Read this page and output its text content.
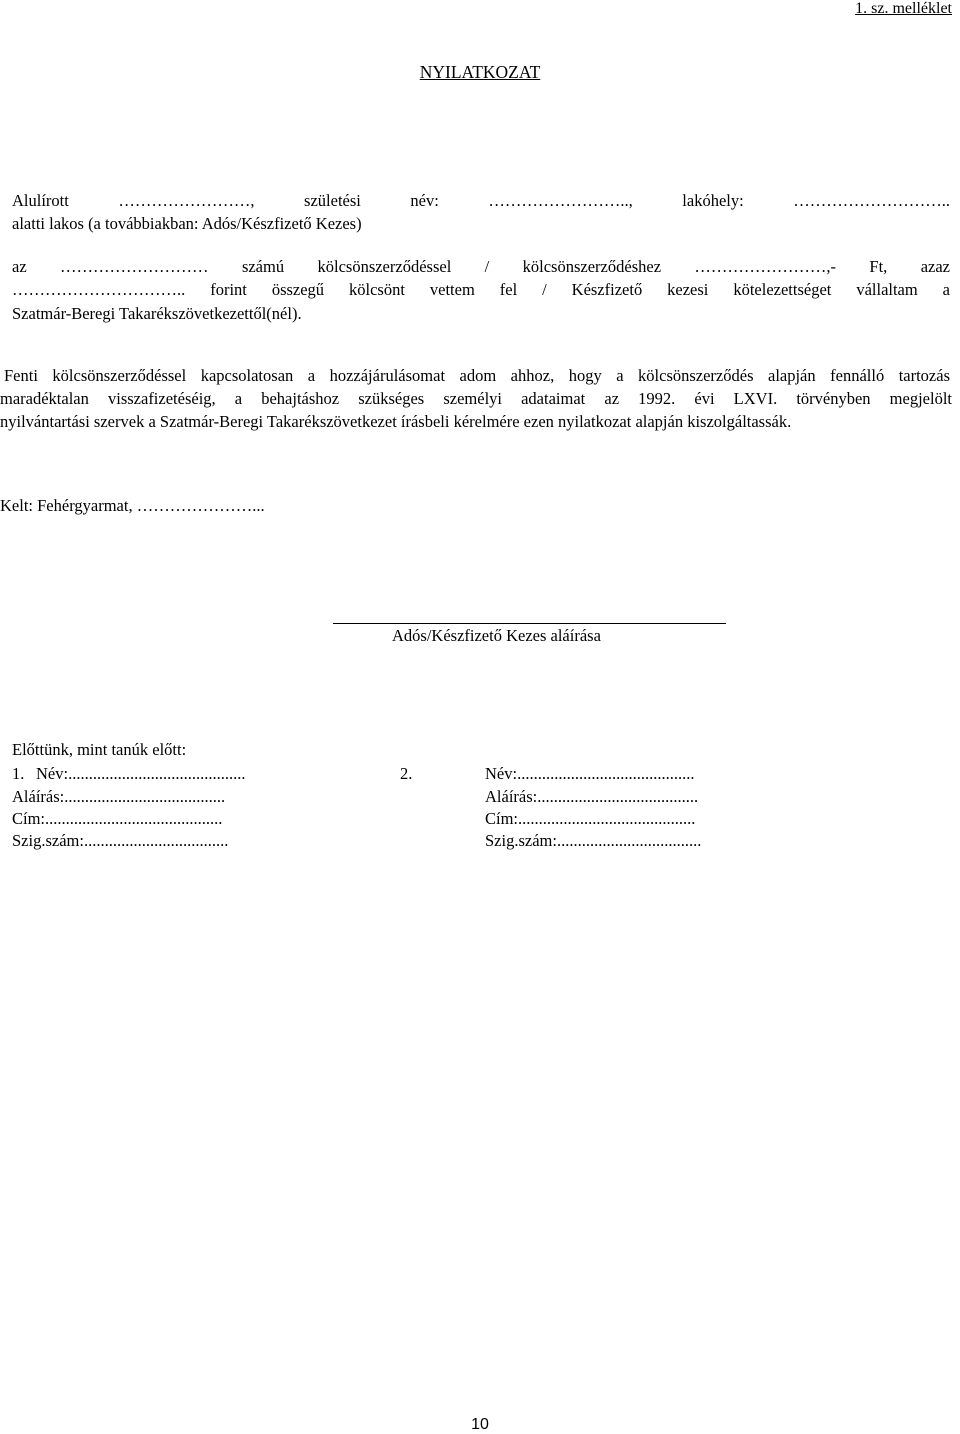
1. sz. melléklet
NYILATKOZAT
Alulírott ……………………, születési név: …………………….., lakóhely: ………………………..
alatti lakos (a továbbiakban: Adós/Készfizető Kezes)
az ……………………… számú kölcsönszerződéssel / kölcsönszerződéshez ……………………,- Ft, azaz
………………………….. forint összegű kölcsönt vettem fel / Készfizető kezesi kötelezettséget vállaltam a
Szatmár-Beregi Takarékszövetkezettől(nél).
Fenti kölcsönszerződéssel kapcsolatosan a hozzájárulásomat adom ahhoz, hogy a kölcsönszerződés alapján fennálló tartozás
maradéktalan visszafizetéséig, a behajtáshoz szükséges személyi adataimat az 1992. évi LXVI. törvényben megjelölt
nyilvántartási szervek a Szatmár-Beregi Takarékszövetkezet írásbeli kérelmére ezen nyilatkozat alapján kiszolgáltassák.
Kelt: Fehérgyarmat, …………………...
Adós/Készfizető Kezes aláírása
Előttünk, mint tanúk előtt:
1. Név:...........................................
Aláírás:.......................................
Cím:...........................................
Szig.szám:...................................
2.	Név:...........................................
Aláírás:.......................................
Cím:...........................................
Szig.szám:...................................
10
